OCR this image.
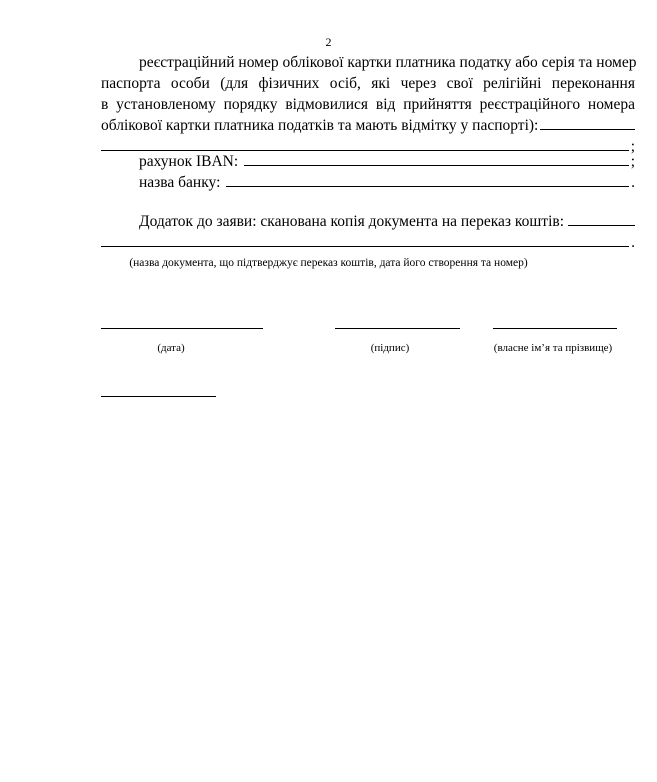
2
реєстраційний номер облікової картки платника податку або серія та номер
паспорта особи (для фізичних осіб, які через свої релігійні переконання
в установленому порядку відмовилися від прийняття реєстраційного номера
облікової картки платника податків та мають відмітку у паспорті):
;
рахунок IBAN:	;
назва банку:	.
Додаток до заяви: сканована копія документа на переказ коштів:
.
(назва документа, що підтверджує переказ коштів, дата його створення та номер)
(дата)	(підпис)	(власне ім’я та прізвище)
